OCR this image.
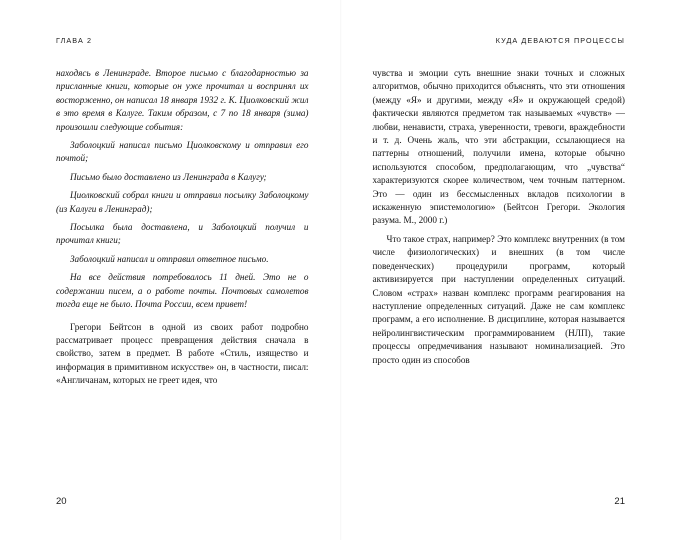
ГЛАВА 2

находясь в Ленинграде. Второе письмо с благодарностью за присланные книги, которые он уже прочитал и воспринял их восторженно, он написал 18 января 1932 г. К. Циолковский жил в это время в Калуге. Таким образом, с 7 по 18 января (зима) произошли следующие события:

Заболоцкий написал письмо Циолковскому и отправил его почтой;

Письмо было доставлено из Ленинграда в Калугу;

Циолковский собрал книги и отправил посылку Заболоцкому (из Калуги в Ленинград);

Посылка была доставлена, и Заболоцкий получил и прочитал книги;

Заболоцкий написал и отправил ответное письмо.

На все действия потребовалось 11 дней. Это не о содержании писем, а о работе почты. Почтовых самолетов тогда еще не было. Почта России, всем привет!

Грегори Бейтсон в одной из своих работ подробно рассматривает процесс превращения действия сначала в свойство, затем в предмет. В работе «Стиль, изящество и информация в примитивном искусстве» он, в частности, писал: «Англичанам, которых не греет идея, что

20
КУДА ДЕВАЮТСЯ ПРОЦЕССЫ

чувства и эмоции суть внешние знаки точных и сложных алгоритмов, обычно приходится объяснять, что эти отношения (между «Я» и другими, между «Я» и окружающей средой) фактически являются предметом так называемых «чувств» — любви, ненависти, страха, уверенности, тревоги, враждебности и т. д. Очень жаль, что эти абстракции, ссылающиеся на паттерны отношений, получили имена, которые обычно используются способом, предполагающим, что „чувства“ характеризуются скорее количеством, чем точным паттерном. Это — один из бессмысленных вкладов психологии в искаженную эпистемологию» (Бейтсон Грегори. Экология разума. М., 2000 г.)

Что такое страх, например? Это комплекс внутренних (в том числе физиологических) и внешних (в том числе поведенческих) процедурили программ, который активизируется при наступлении определенных ситуаций. Словом «страх» назван комплекс программ реагирования на наступление определенных ситуаций. Даже не сам комплекс программ, а его исполнение. В дисциплине, которая называется нейролингвистическим программированием (НЛП), такие процессы опредмечивания называют номинализацией. Это просто один из способов

21
